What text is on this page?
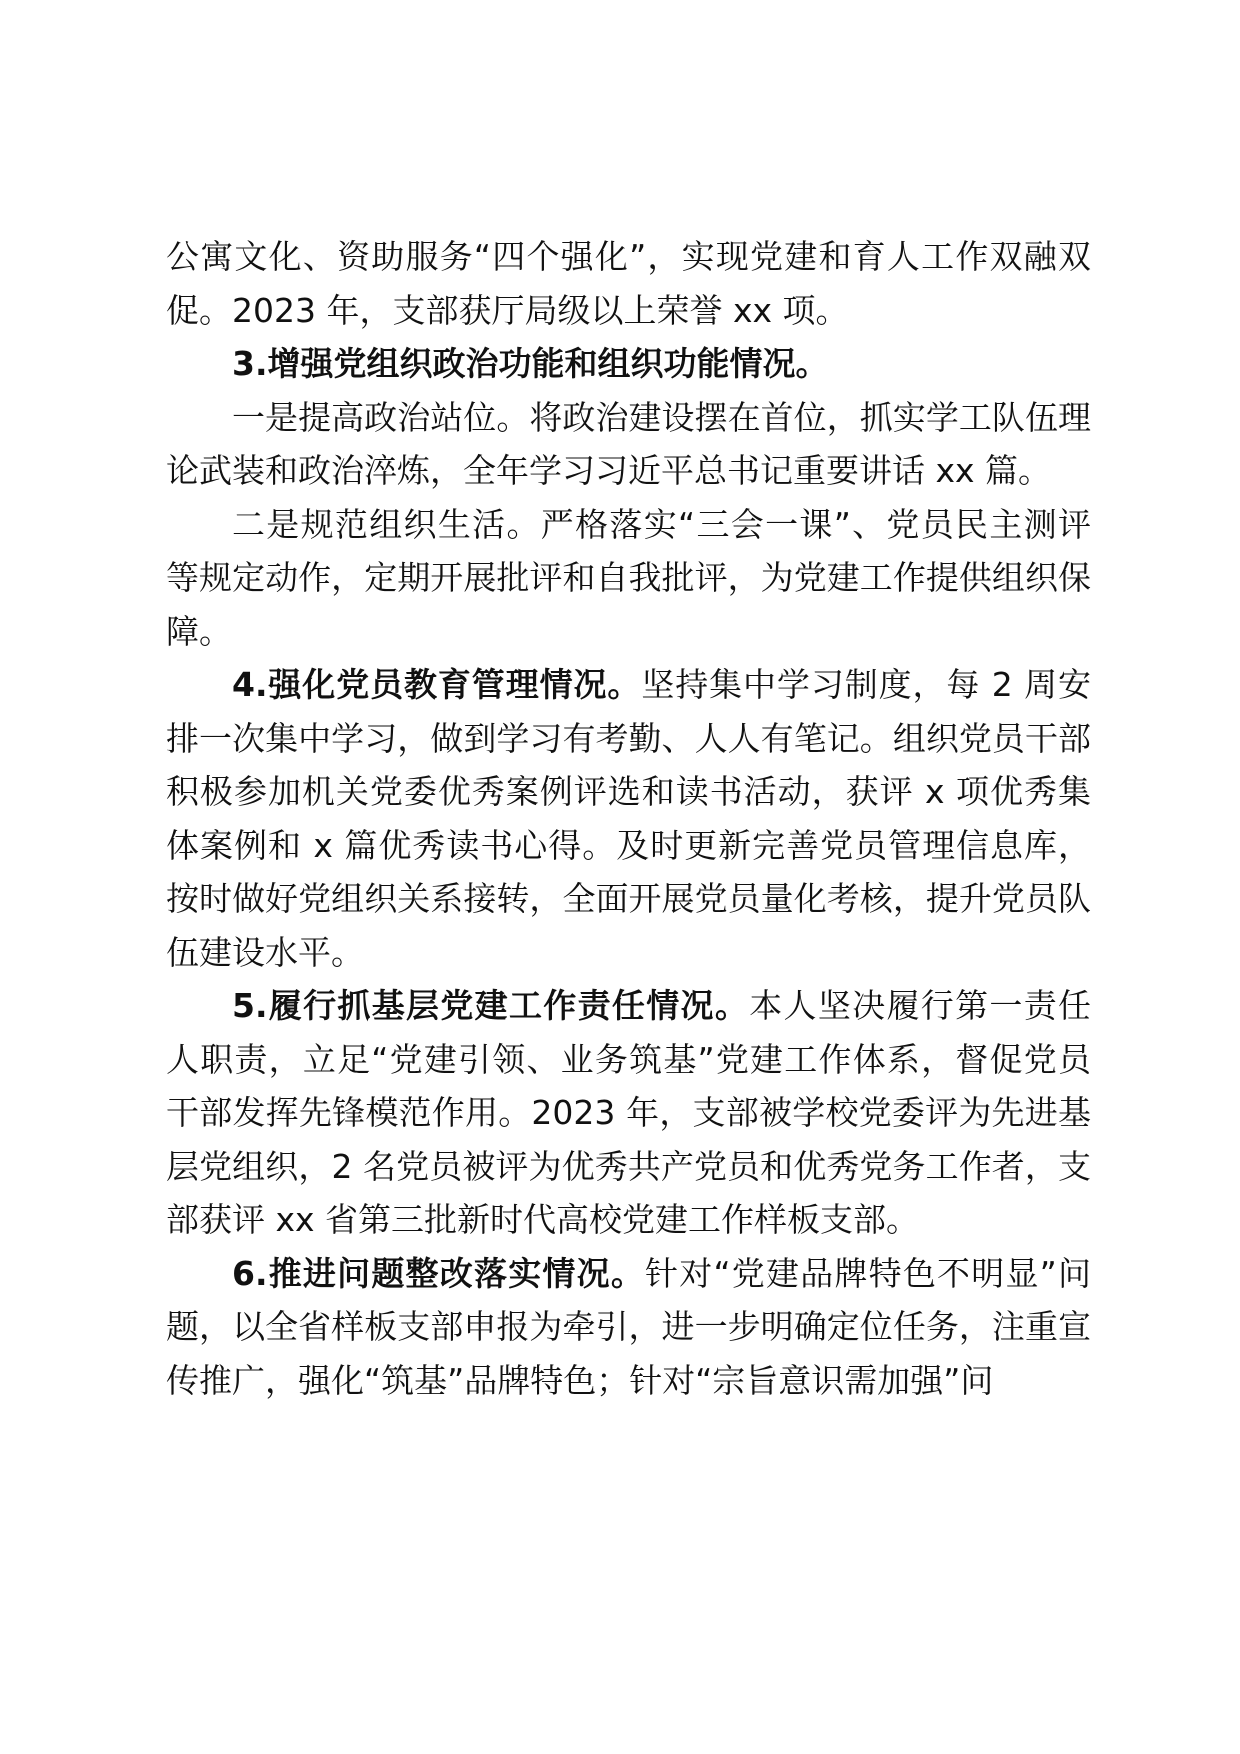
公寓文化、资助服务“四个强化”，实现党建和育人工作双融双促。2023 年，支部获厅局级以上荣誉 xx 项。

3.增强党组织政治功能和组织功能情况。

一是提高政治站位。将政治建设摆在首位，抓实学工队伍理论武装和政治淬炼，全年学习习近平总书记重要讲话 xx 篇。

二是规范组织生活。严格落实“三会一课”、党员民主测评等规定动作，定期开展批评和自我批评，为党建工作提供组织保障。

4.强化党员教育管理情况。坚持集中学习制度，每 2 周安排一次集中学习，做到学习有考勤、人人有笔记。组织党员干部积极参加机关党委优秀案例评选和读书活动，获评 x 项优秀集体案例和 x 篇优秀读书心得。及时更新完善党员管理信息库，按时做好党组织关系接转，全面开展党员量化考核，提升党员队伍建设水平。

5.履行抓基层党建工作责任情况。本人坚决履行第一责任人职责，立足“党建引领、业务筑基”党建工作体系，督促党员干部发挥先锋模范作用。2023 年，支部被学校党委评为先进基层党组织，2 名党员被评为优秀共产党员和优秀党务工作者，支部获评 xx 省第三批新时代高校党建工作样板支部。

6.推进问题整改落实情况。针对“党建品牌特色不明显”问题，以全省样板支部申报为牵引，进一步明确定位任务，注重宣传推广，强化“筑基”品牌特色；针对“宗旨意识需加强”问
